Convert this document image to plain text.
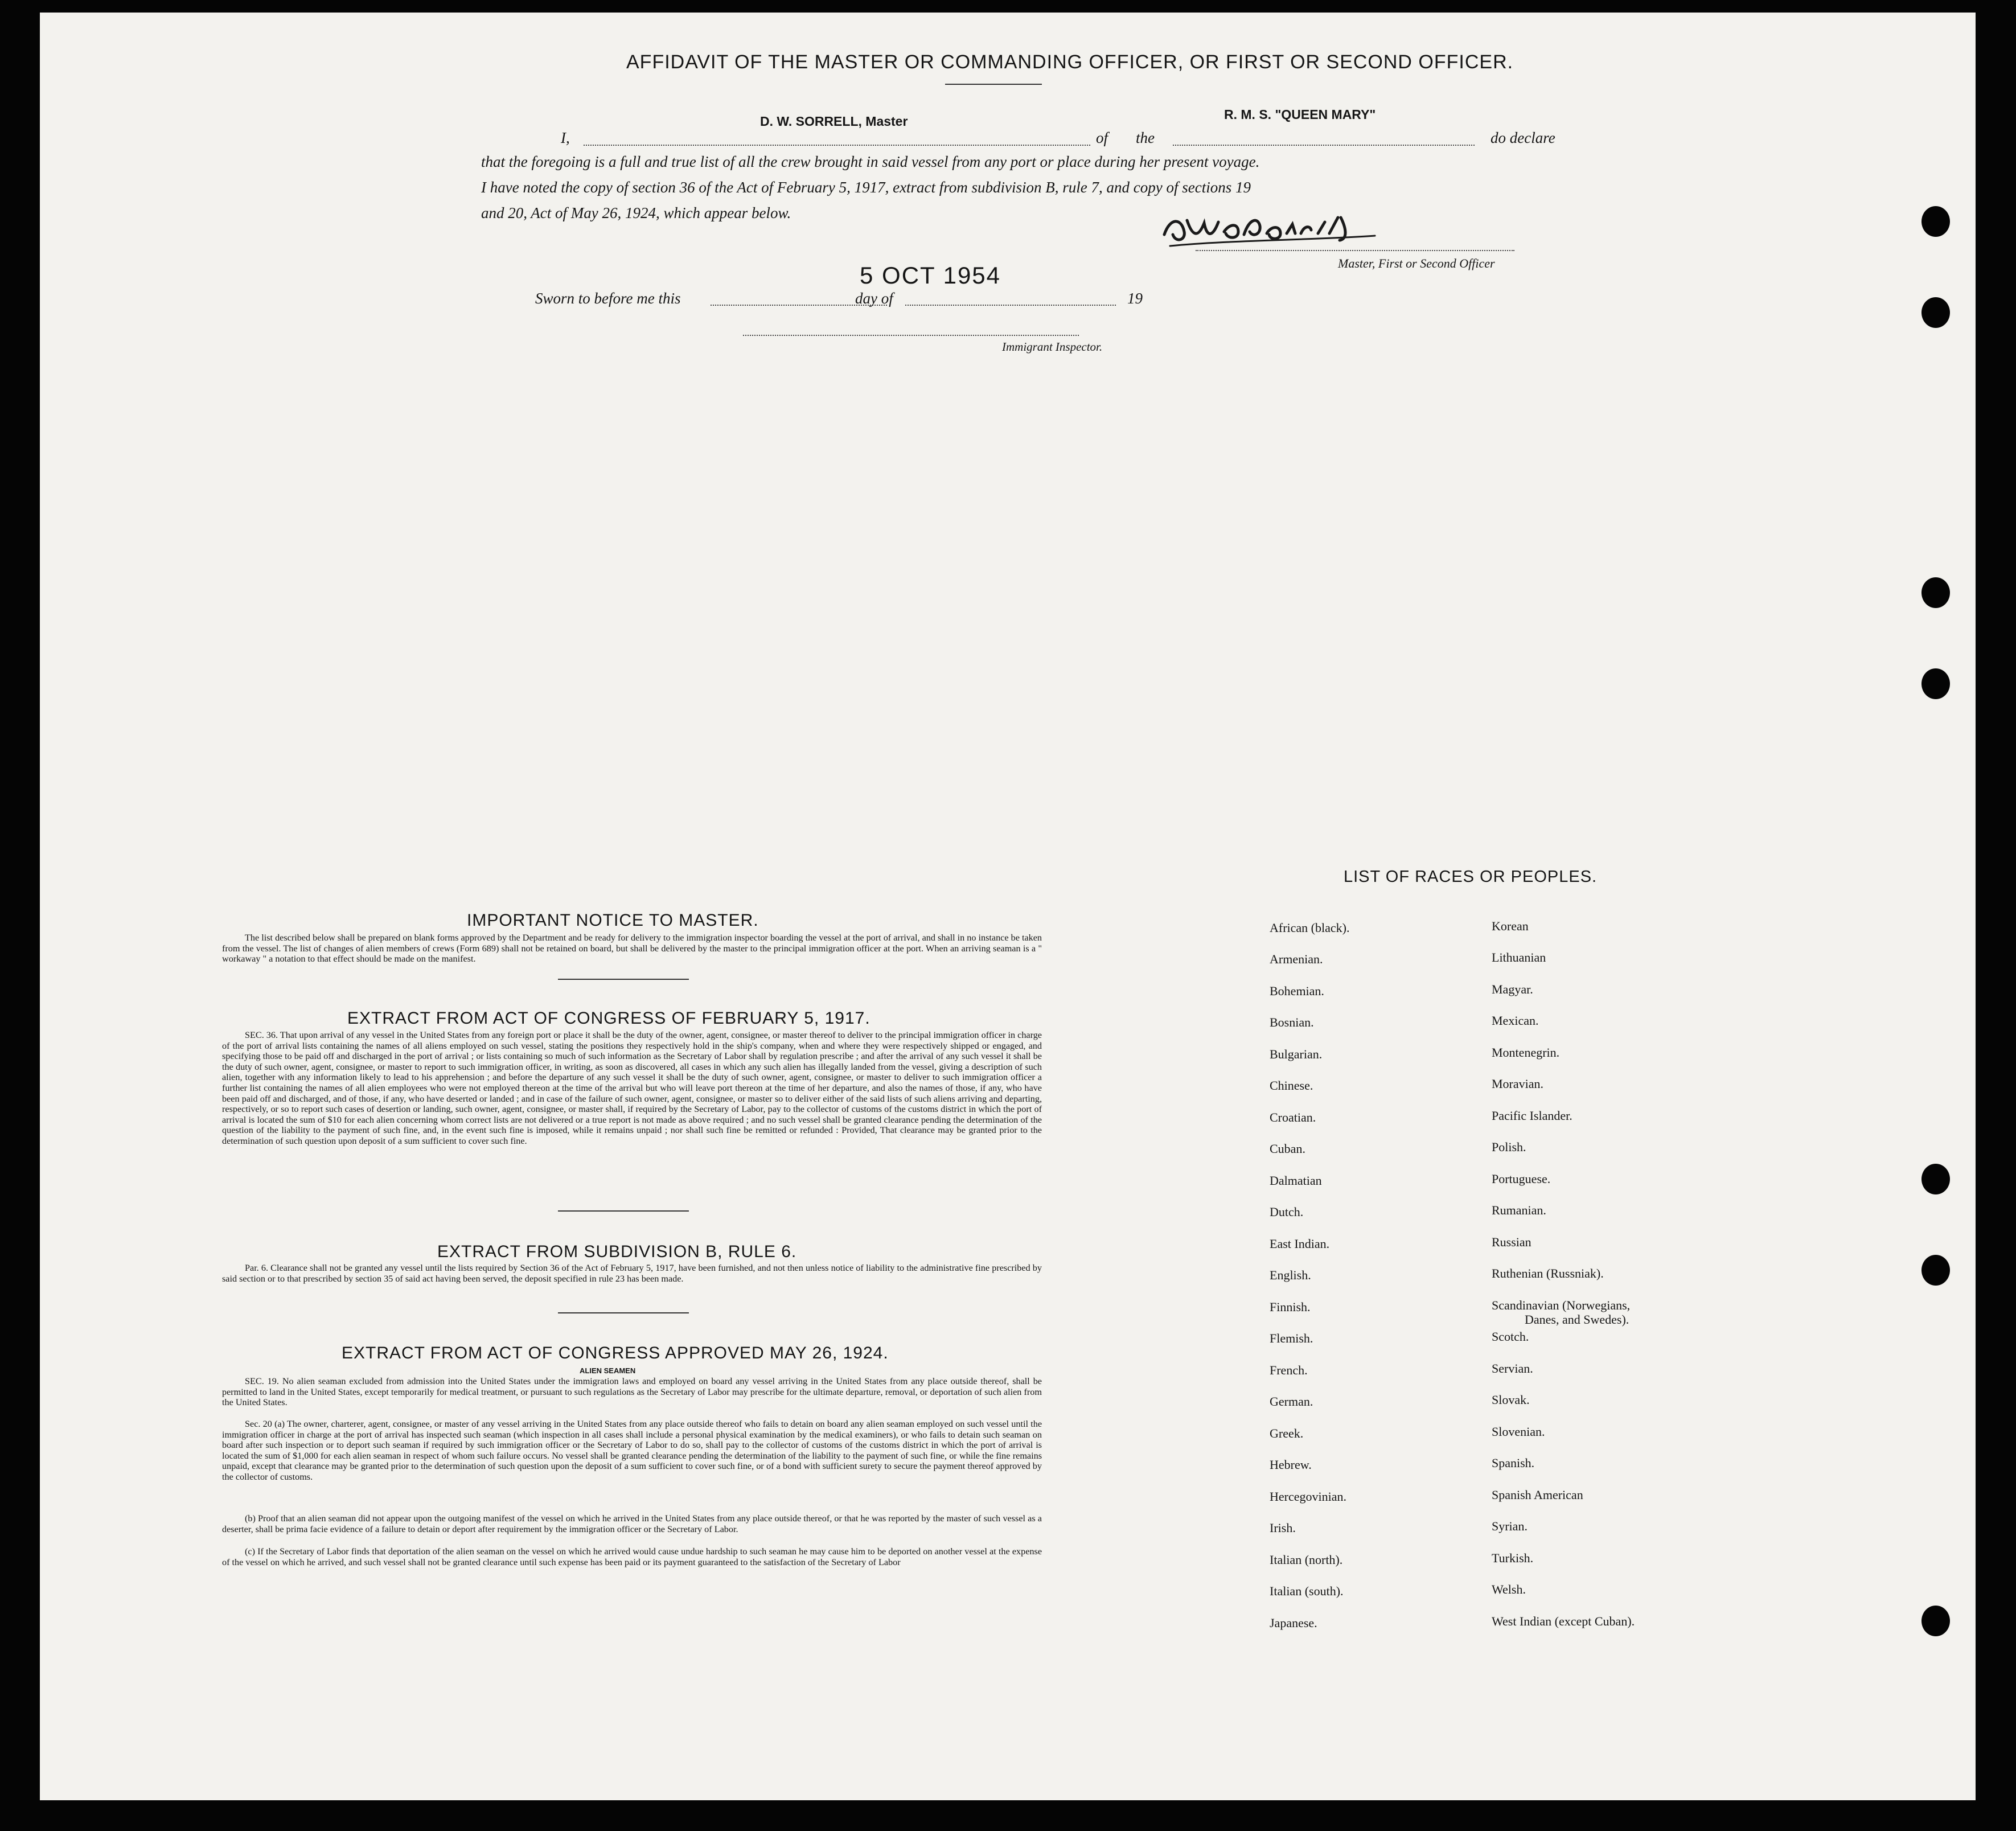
AFFIDAVIT OF THE MASTER OR COMMANDING OFFICER, OR FIRST OR SECOND OFFICER.
D. W. SORRELL, Master	R. M. S. "QUEEN MARY"
I,	of the	do declare
that the foregoing is a full and true list of all the crew brought in said vessel from any port or place during her present voyage.
I have noted the copy of section 36 of the Act of February 5, 1917, extract from subdivision B, rule 7, and copy of sections 19
and 20, Act of May 26, 1924, which appear below.
Master, First or Second Officer
5 OCT 1954
Sworn to before me this	day of	19
Immigrant Inspector.
IMPORTANT NOTICE TO MASTER.
The list described below shall be prepared on blank forms approved by the Department and be ready for delivery to the immigration inspector boarding the vessel at the port of arrival, and shall in no instance be taken from the vessel. The list of changes of alien members of crews (Form 689) shall not be retained on board, but shall be delivered by the master to the principal immigration officer at the port. When an arriving seaman is a " workaway " a notation to that effect should be made on the manifest.
EXTRACT FROM ACT OF CONGRESS OF FEBRUARY 5, 1917.
SEC. 36. That upon arrival of any vessel in the United States from any foreign port or place it shall be the duty of the owner, agent, consignee, or master thereof to deliver to the principal immigration officer in charge of the port of arrival lists containing the names of all aliens employed on such vessel, stating the positions they respectively hold in the ship's company, when and where they were respectively shipped or engaged, and specifying those to be paid off and discharged in the port of arrival ; or lists containing so much of such information as the Secretary of Labor shall by regulation prescribe ; and after the arrival of any such vessel it shall be the duty of such owner, agent, consignee, or master to report to such immigration officer, in writing, as soon as discovered, all cases in which any such alien has illegally landed from the vessel, giving a description of such alien, together with any information likely to lead to his apprehension ; and before the departure of any such vessel it shall be the duty of such owner, agent, consignee, or master to deliver to such immigration officer a further list containing the names of all alien employees who were not employed thereon at the time of the arrival but who will leave port thereon at the time of her departure, and also the names of those, if any, who have been paid off and discharged, and of those, if any, who have deserted or landed ; and in case of the failure of such owner, agent, consignee, or master so to deliver either of the said lists of such aliens arriving and departing, respectively, or so to report such cases of desertion or landing, such owner, agent, consignee, or master shall, if required by the Secretary of Labor, pay to the collector of customs of the customs district in which the port of arrival is located the sum of $10 for each alien concerning whom correct lists are not delivered or a true report is not made as above required ; and no such vessel shall be granted clearance pending the determination of the question of the liability to the payment of such fine, and, in the event such fine is imposed, while it remains unpaid ; nor shall such fine be remitted or refunded : Provided, That clearance may be granted prior to the determination of such question upon deposit of a sum sufficient to cover such fine.
EXTRACT FROM SUBDIVISION B, RULE 6.
Par. 6. Clearance shall not be granted any vessel until the lists required by Section 36 of the Act of February 5, 1917, have been furnished, and not then unless notice of liability to the administrative fine prescribed by said section or to that prescribed by section 35 of said act having been served, the deposit specified in rule 23 has been made.
EXTRACT FROM ACT OF CONGRESS APPROVED MAY 26, 1924.
ALIEN SEAMEN
SEC. 19. No alien seaman excluded from admission into the United States under the immigration laws and employed on board any vessel arriving in the United States from any place outside thereof, shall be permitted to land in the United States, except temporarily for medical treatment, or pursuant to such regulations as the Secretary of Labor may prescribe for the ultimate departure, removal, or deportation of such alien from the United States.
Sec. 20 (a) The owner, charterer, agent, consignee, or master of any vessel arriving in the United States from any place outside thereof who fails to detain on board any alien seaman employed on such vessel until the immigration officer in charge at the port of arrival has inspected such seaman (which inspection in all cases shall include a personal physical examination by the medical examiners), or who fails to detain such seaman on board after such inspection or to deport such seaman if required by such immigration officer or the Secretary of Labor to do so, shall pay to the collector of customs of the customs district in which the port of arrival is located the sum of $1,000 for each alien seaman in respect of whom such failure occurs. No vessel shall be granted clearance pending the determination of the liability to the payment of such fine, or while the fine remains unpaid, except that clearance may be granted prior to the determination of such question upon the deposit of a sum sufficient to cover such fine, or of a bond with sufficient surety to secure the payment thereof approved by the collector of customs.
(b) Proof that an alien seaman did not appear upon the outgoing manifest of the vessel on which he arrived in the United States from any place outside thereof, or that he was reported by the master of such vessel as a deserter, shall be prima facie evidence of a failure to detain or deport after requirement by the immigration officer or the Secretary of Labor.
(c) If the Secretary of Labor finds that deportation of the alien seaman on the vessel on which he arrived would cause undue hardship to such seaman he may cause him to be deported on another vessel at the expense of the vessel on which he arrived, and such vessel shall not be granted clearance until such expense has been paid or its payment guaranteed to the satisfaction of the Secretary of Labor
LIST OF RACES OR PEOPLES.
African (black).
Armenian.
Bohemian.
Bosnian.
Bulgarian.
Chinese.
Croatian.
Cuban.
Dalmatian
Dutch.
East Indian.
English.
Finnish.
Flemish.
French.
German.
Greek.
Hebrew.
Hercegovinian.
Irish.
Italian (north).
Italian (south).
Japanese.
Korean
Lithuanian
Magyar.
Mexican.
Montenegrin.
Moravian.
Pacific Islander.
Polish.
Portuguese.
Rumanian.
Russian
Ruthenian (Russniak).
Scandinavian (Norwegians,
Danes, and Swedes).
Scotch.
Servian.
Slovak.
Slovenian.
Spanish.
Spanish American
Syrian.
Turkish.
Welsh.
West Indian (except Cuban).
